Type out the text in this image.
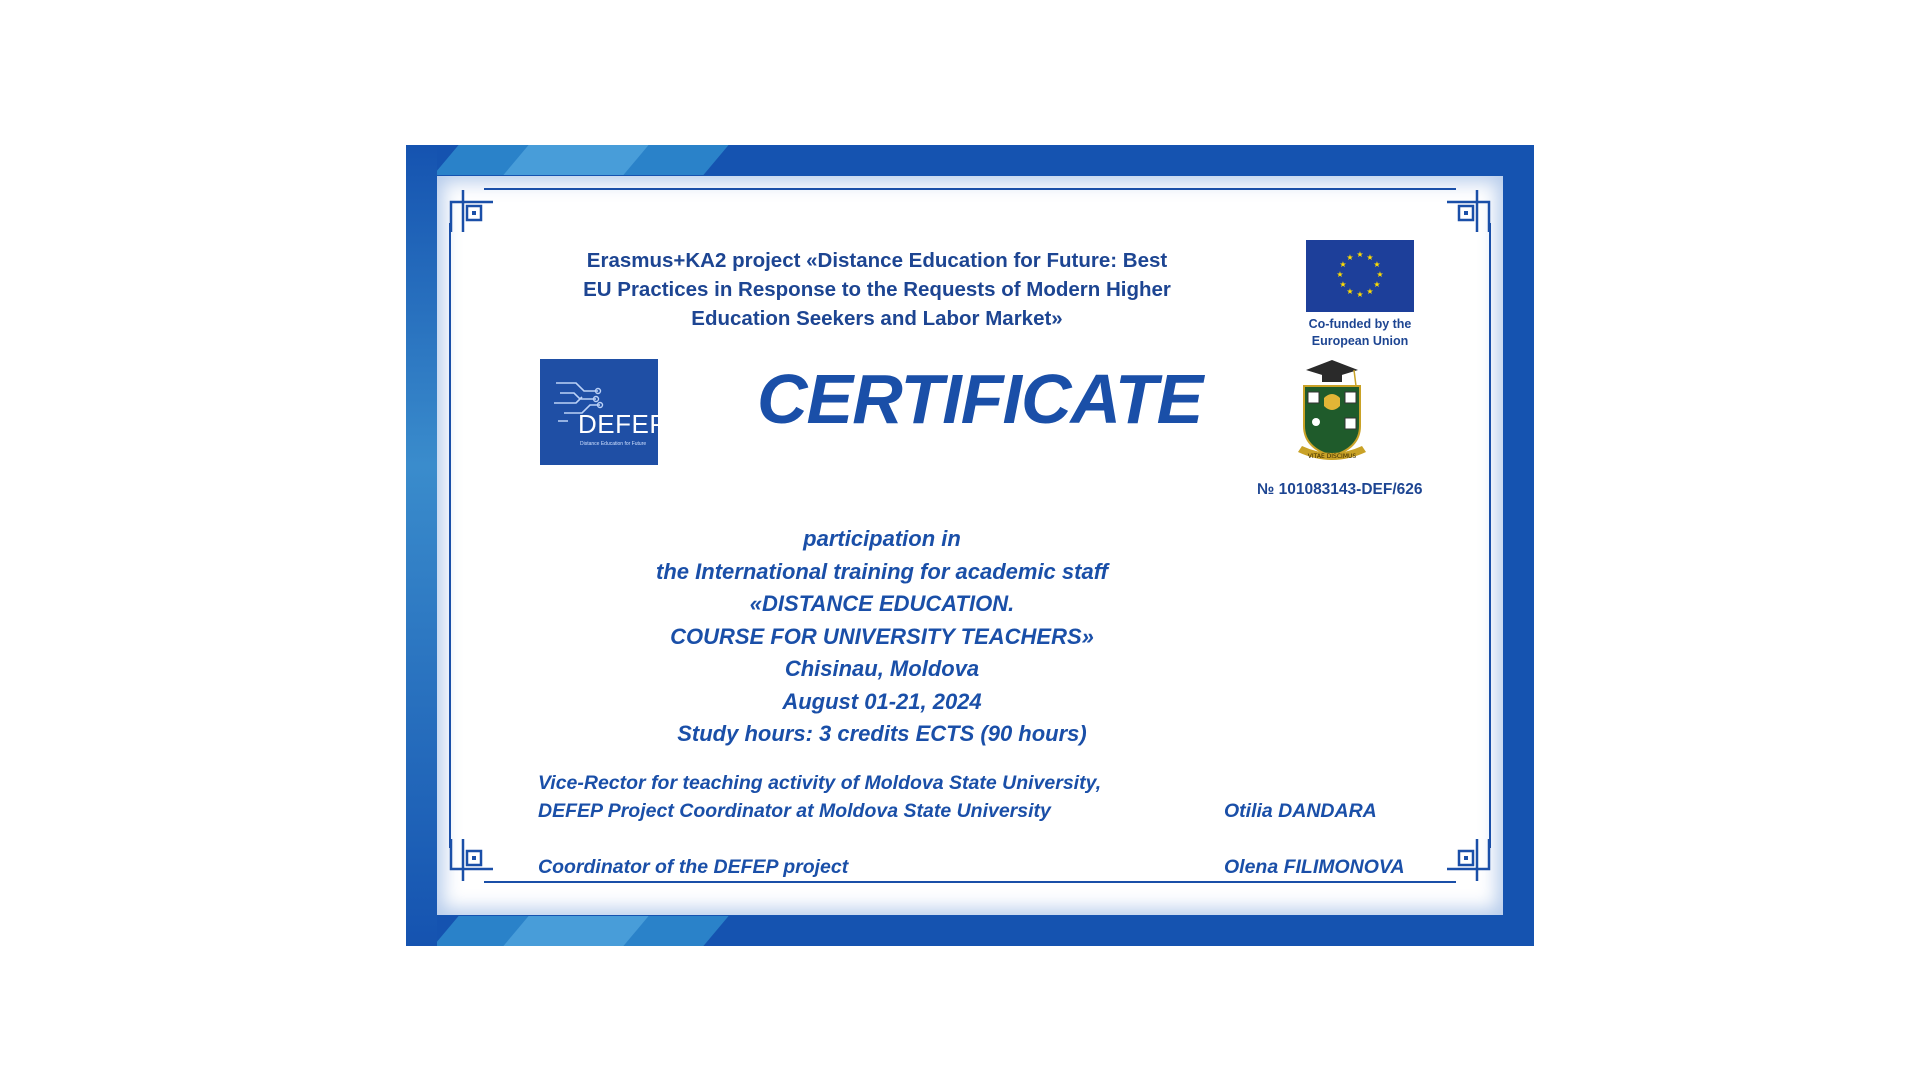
Erasmus+KA2 project «Distance Education for Future: Best
EU Practices in Response to the Requests of Modern Higher
Education Seekers and Labor Market»
★ ★
★
★
★
★
★
★
★
★
★
★
Co-funded by the
European Union
DEFEP
Distance Education for Future
CERTIFICATE
VITAE DISCIMUS
№ 101083143-DEF/626
participation in
the International training for academic staff
«DISTANCE EDUCATION.
COURSE FOR UNIVERSITY TEACHERS»
Chisinau, Moldova
August 01-21, 2024
Study hours: 3 credits ECTS (90 hours)
Vice-Rector for teaching activity of Moldova State University,
DEFEP Project Coordinator at Moldova State University	Otilia DANDARA
Coordinator of the DEFEP project	Olena FILIMONOVA
